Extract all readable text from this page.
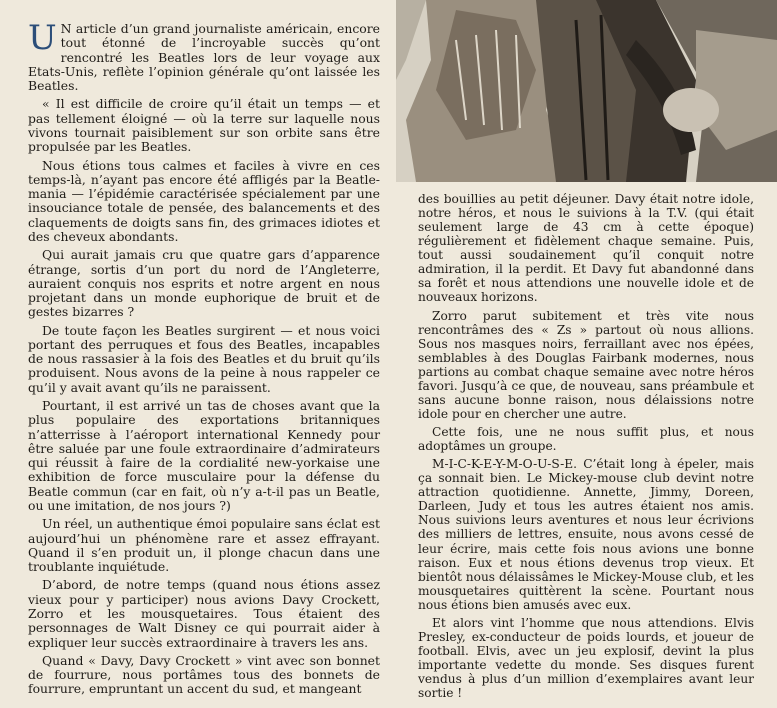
U N article d’un grand journaliste américain, encore tout étonné de l’incroyable succès qu’ont rencontré les Beatles lors de leur voyage aux Etats-Unis, reflète l’opinion générale qu’ont laissée les Beatles.

« Il est difficile de croire qu’il était un temps — et pas tellement éloigné — où la terre sur laquelle nous vivons tournait paisiblement sur son orbite sans être propulsée par les Beatles.

Nous étions tous calmes et faciles à vivre en ces temps-là, n’ayant pas encore été affligés par la Beatle-mania — l’épidémie caractérisée spécialement par une insouciance totale de pensée, des balancements et des claquements de doigts sans fin, des grimaces idiotes et des cheveux abondants.

Qui aurait jamais cru que quatre gars d’apparence étrange, sortis d’un port du nord de l’Angleterre, auraient conquis nos esprits et notre argent en nous projetant dans un monde euphorique de bruit et de gestes bizarres ?

De toute façon les Beatles surgirent — et nous voici portant des perruques et fous des Beatles, incapables de nous rassasier à la fois des Beatles et du bruit qu’ils produisent. Nous avons de la peine à nous rappeler ce qu’il y avait avant qu’ils ne paraissent.

Pourtant, il est arrivé un tas de choses avant que la plus populaire des exportations britanniques n’atterrisse à l’aéroport international Kennedy pour être saluée par une foule extraordinaire d’admirateurs qui réussit à faire de la cordialité new-yorkaise une exhibition de force musculaire pour la défense du Beatle commun (car en fait, où n’y a-t-il pas un Beatle, ou une imitation, de nos jours ?)

Un réel, un authentique émoi populaire sans éclat est aujourd’hui un phénomène rare et assez effrayant. Quand il s’en produit un, il plonge chacun dans une troublante inquiétude.

D’abord, de notre temps (quand nous étions assez vieux pour y participer) nous avions Davy Crockett, Zorro et les mousquetaires. Tous étaient des personnages de Walt Disney ce qui pourrait aider à expliquer leur succès extraordinaire à travers les ans.

Quand « Davy, Davy Crockett » vint avec son bonnet de fourrure, nous portâmes tous des bonnets de fourrure, empruntant un accent du sud, et mangeant

des bouillies au petit déjeuner. Davy était notre idole, notre héros, et nous le suivions à la T.V. (qui était seulement large de 43 cm à cette époque) régulièrement et fidèlement chaque semaine. Puis, tout aussi soudainement qu’il conquit notre admiration, il la perdit. Et Davy fut abandonné dans sa forêt et nous attendions une nouvelle idole et de nouveaux horizons.

Zorro parut subitement et très vite nous rencontrâmes des « Zs » partout où nous allions. Sous nos masques noirs, ferraillant avec nos épées, semblables à des Douglas Fairbank modernes, nous partions au combat chaque semaine avec notre héros favori. Jusqu’à ce que, de nouveau, sans préambule et sans aucune bonne raison, nous délaissions notre idole pour en chercher une autre.

Cette fois, une ne nous suffit plus, et nous adoptâmes un groupe.

M-I-C-K-E-Y-M-O-U-S-E. C’était long à épeler, mais ça sonnait bien. Le Mickey-mouse club devint notre attraction quotidienne. Annette, Jimmy, Doreen, Darleen, Judy et tous les autres étaient nos amis. Nous suivions leurs aventures et nous leur écrivions des milliers de lettres, ensuite, nous avons cessé de leur écrire, mais cette fois nous avions une bonne raison. Eux et nous étions devenus trop vieux. Et bientôt nous délaissâmes le Mickey-Mouse club, et les mousquetaires quittèrent la scène. Pourtant nous nous étions bien amusés avec eux.

Et alors vint l’homme que nous attendions. Elvis Presley, ex-conducteur de poids lourds, et joueur de football. Elvis, avec un jeu explosif, devint la plus importante vedette du monde. Ses disques furent vendus à plus d’un million d’exemplaires avant leur sortie !
